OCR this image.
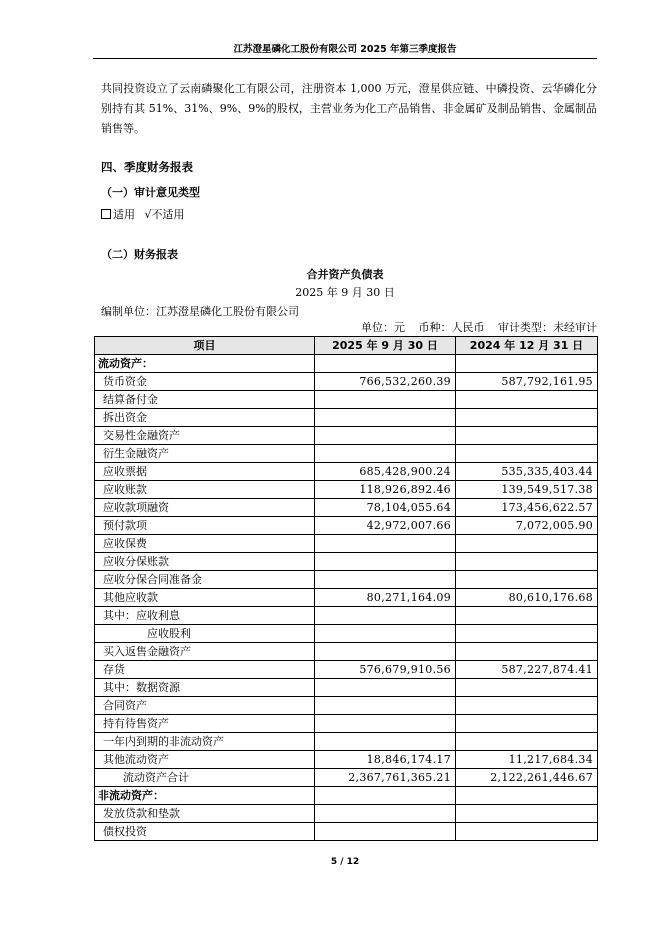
江苏澄星磷化工股份有限公司 2025 年第三季度报告

共同投资设立了云南磷聚化工有限公司，注册资本 1,000 万元，澄星供应链、中磷投资、云华磷化分别持有其 51%、31%、9%、9%的股权，主营业务为化工产品销售、非金属矿及制品销售、金属制品销售等。

四、季度财务报表
（一）审计意见类型
适用 √不适用
（二）财务报表
合并资产负债表
2025 年 9 月 30 日
编制单位：江苏澄星磷化工股份有限公司
单位：元 币种：人民币 审计类型：未经审计
项目	2025 年 9 月 30 日	2024 年 12 月 31 日
流动资产：		
货币资金	766,532,260.39	587,792,161.95
结算备付金		
拆出资金		
交易性金融资产		
衍生金融资产		
应收票据	685,428,900.24	535,335,403.44
应收账款	118,926,892.46	139,549,517.38
应收款项融资	78,104,055.64	173,456,622.57
预付款项	42,972,007.66	7,072,005.90
应收保费		
应收分保账款		
应收分保合同准备金		
其他应收款	80,271,164.09	80,610,176.68
其中：应收利息		
应收股利		
买入返售金融资产		
存货	576,679,910.56	587,227,874.41
其中：数据资源		
合同资产		
持有待售资产		
一年内到期的非流动资产		
其他流动资产	18,846,174.17	11,217,684.34
流动资产合计	2,367,761,365.21	2,122,261,446.67
非流动资产：		
发放贷款和垫款		
债权投资		
5 / 12
